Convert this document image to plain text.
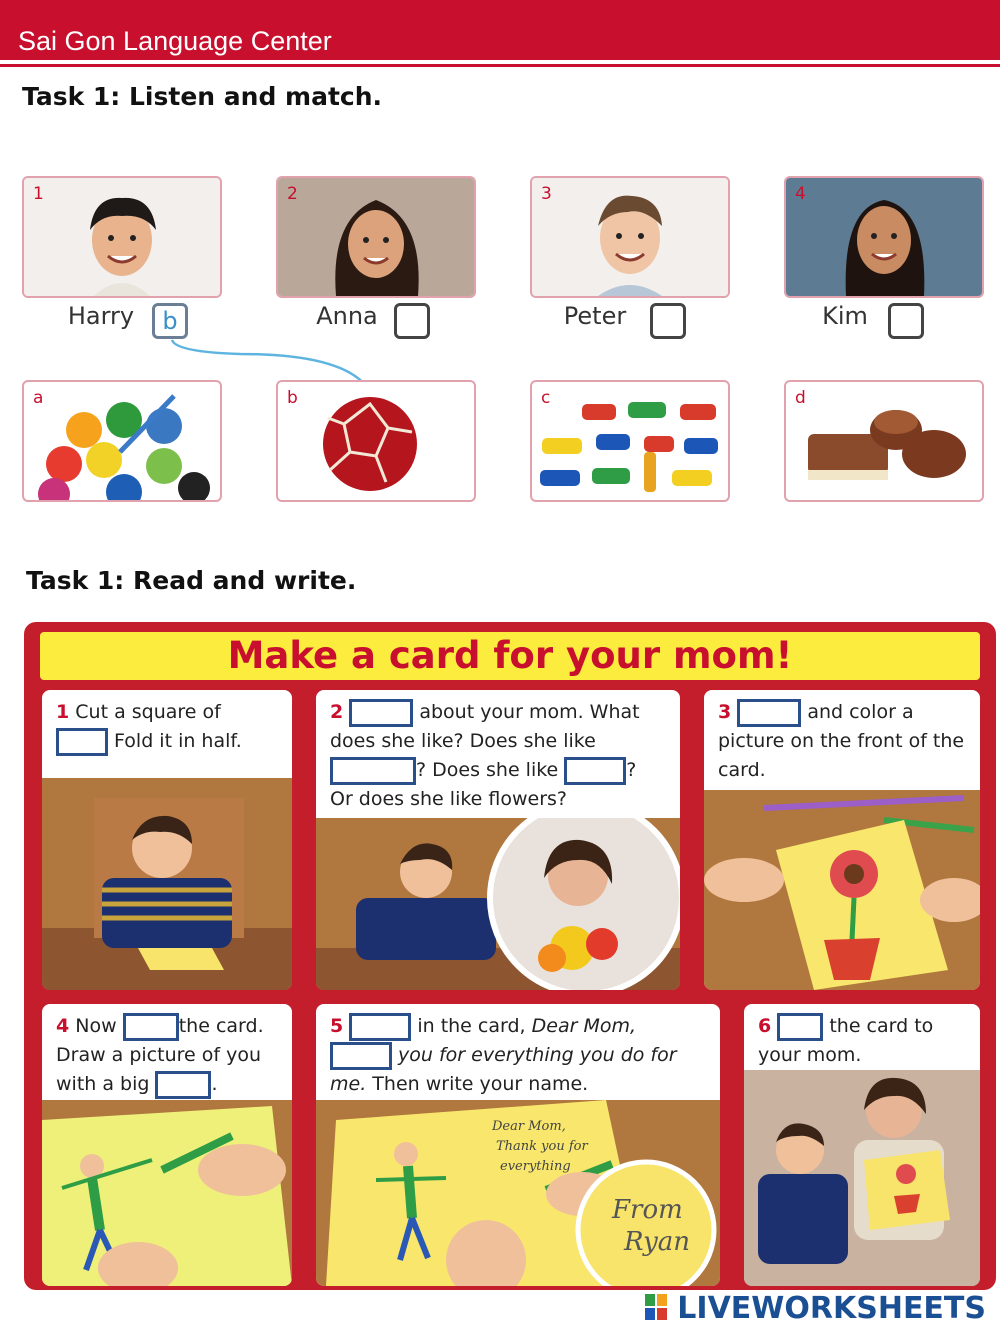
Sai Gon Language Center
Task 1: Listen and match.
1	2	3	4
Harry	b	Anna	Peter	Kim
a	b	c	d
Task 1: Read and write.
Make a card for your mom!
1 Cut a square of
Fold it in half.
2	about your mom. What does she like? Does she like
? Does she like	?
Or does she like flowers?
3	and color a picture on the front of the card.
4 Now	the card. Draw a picture of you with a big	.
5	in the card, Dear Mom,
you for everything you do for me. Then write your name.
Dear Mom,
Thank you for
everything
From
Ryan
6	the card to your mom.
LIVEWORKSHEETS
